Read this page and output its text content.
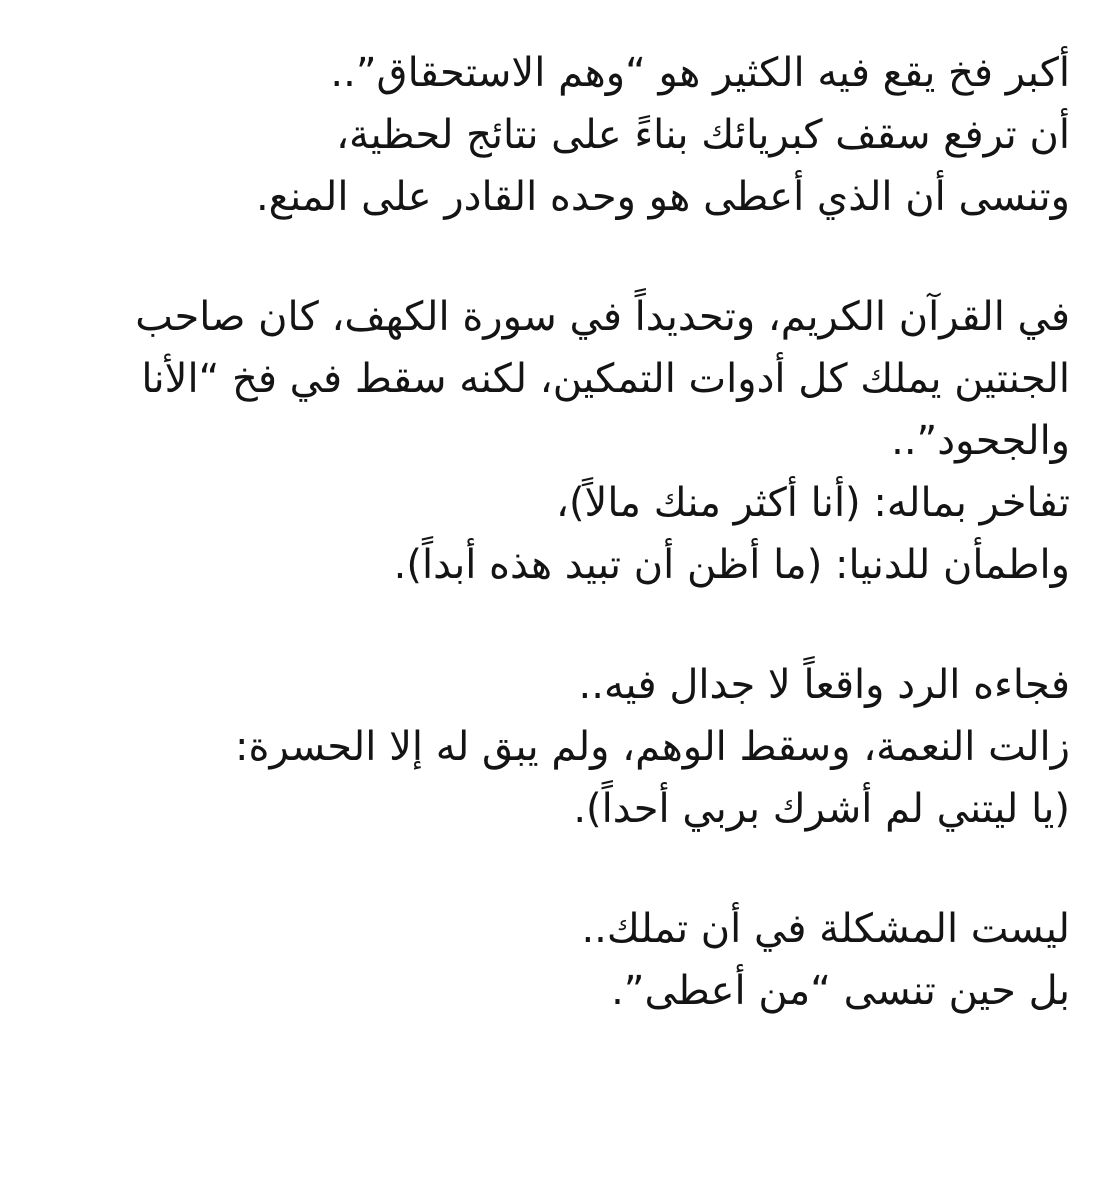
أكبر فخ يقع فيه الكثير هو “وهم الاستحقاق”..
أن ترفع سقف كبريائك بناءً على نتائج لحظية،
وتنسى أن الذي أعطى هو وحده القادر على المنع.
في القرآن الكريم، وتحديداً في سورة الكهف، كان صاحب
الجنتين يملك كل أدوات التمكين، لكنه سقط في فخ “الأنا
والجحود”..
تفاخر بماله: (أنا أكثر منك مالاً)،
واطمأن للدنيا: (ما أظن أن تبيد هذه أبداً).
فجاءه الرد واقعاً لا جدال فيه..
زالت النعمة، وسقط الوهم، ولم يبق له إلا الحسرة:
(يا ليتني لم أشرك بربي أحداً).
ليست المشكلة في أن تملك..
بل حين تنسى “من أعطى”.
